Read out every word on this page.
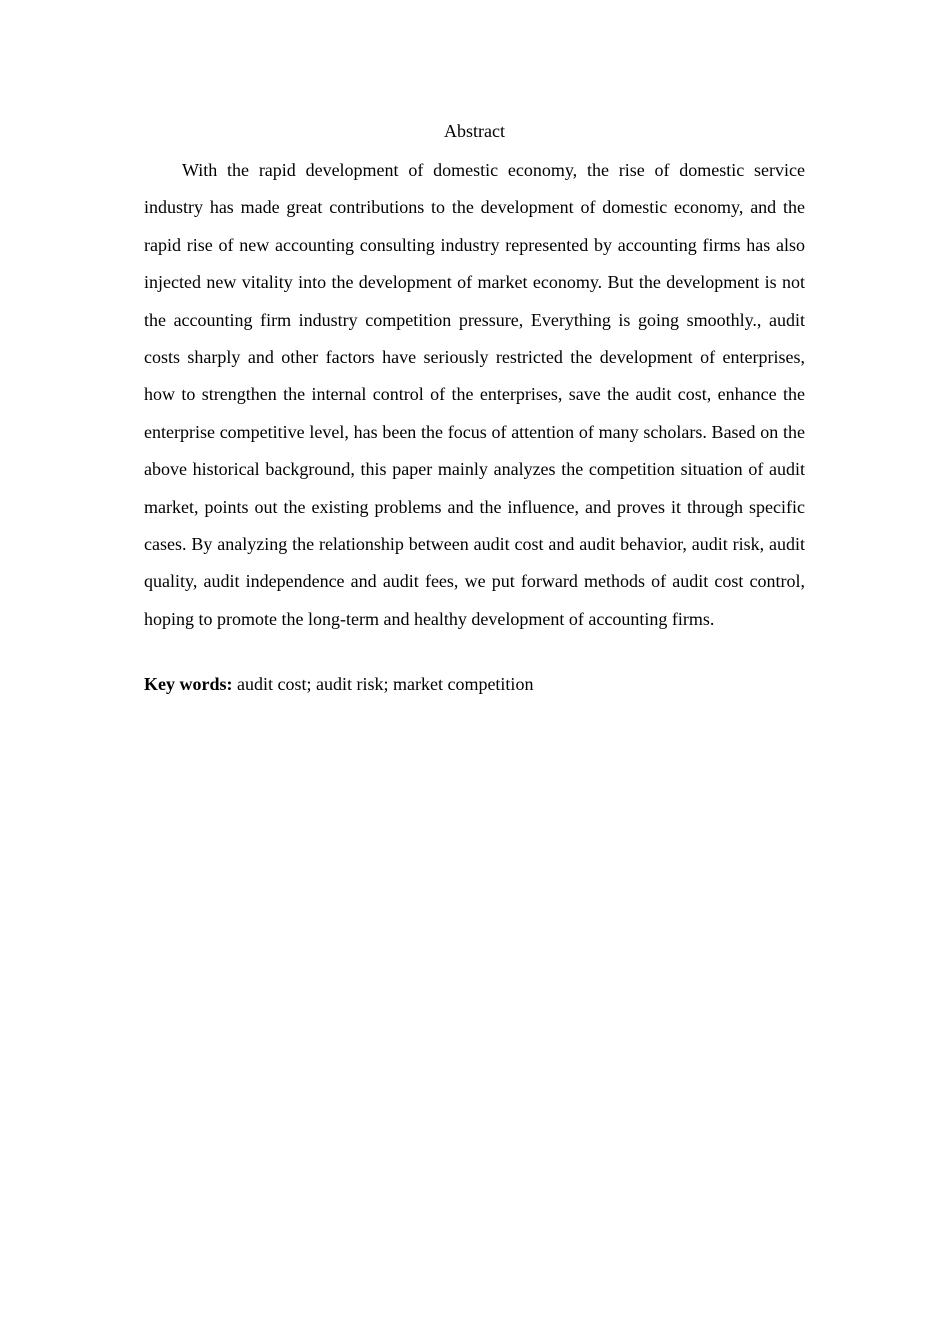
Abstract

With the rapid development of domestic economy, the rise of domestic service industry has made great contributions to the development of domestic economy, and the rapid rise of new accounting consulting industry represented by accounting firms has also injected new vitality into the development of market economy. But the development is not the accounting firm industry competition pressure, Everything is going smoothly., audit costs sharply and other factors have seriously restricted the development of enterprises, how to strengthen the internal control of the enterprises, save the audit cost, enhance the enterprise competitive level, has been the focus of attention of many scholars. Based on the above historical background, this paper mainly analyzes the competition situation of audit market, points out the existing problems and the influence, and proves it through specific cases. By analyzing the relationship between audit cost and audit behavior, audit risk, audit quality, audit independence and audit fees, we put forward methods of audit cost control, hoping to promote the long-term and healthy development of accounting firms.

Key words: audit cost; audit risk; market competition
